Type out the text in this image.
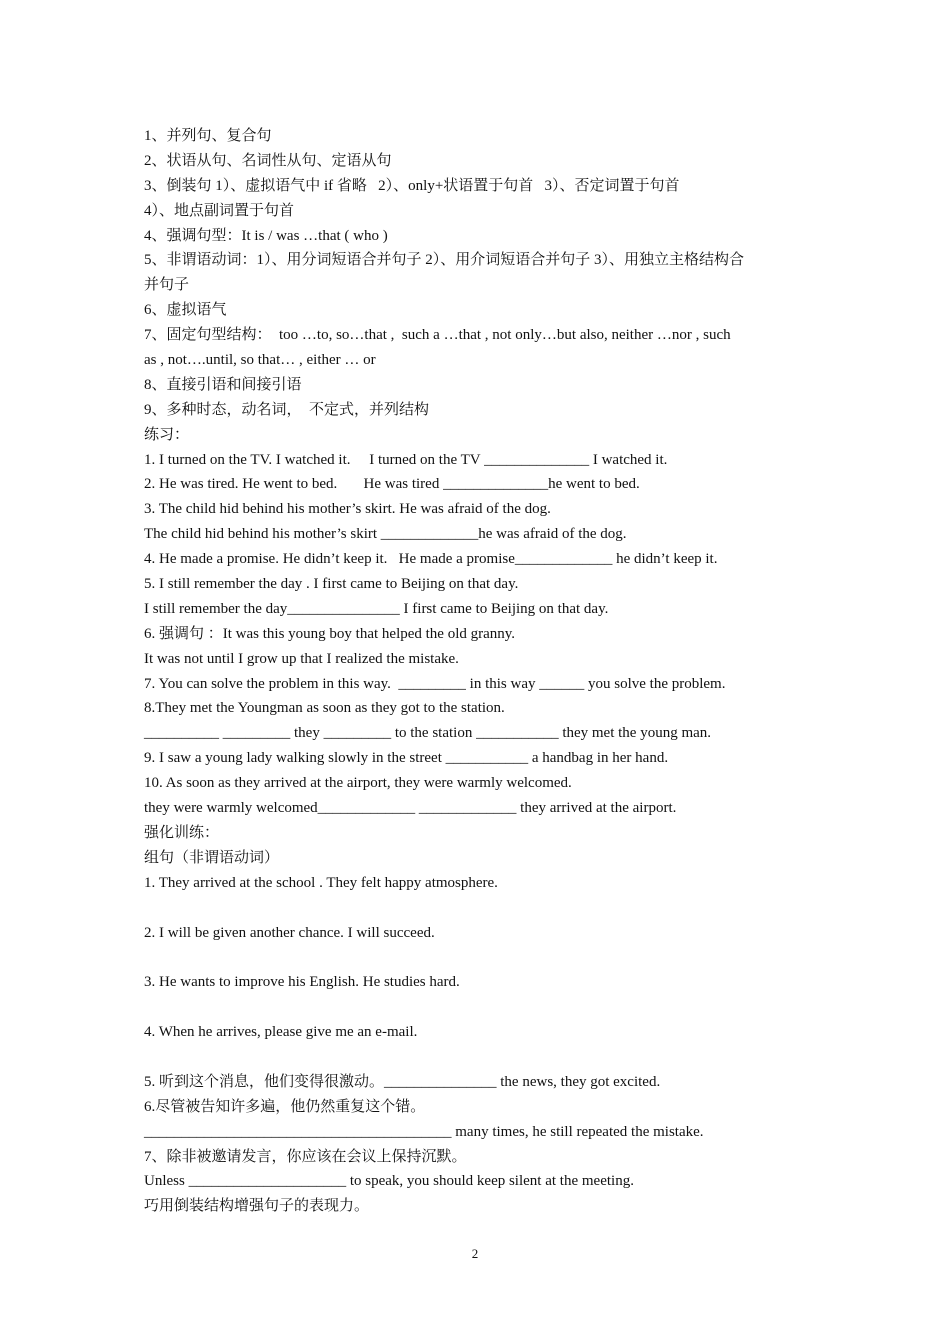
1、并列句、复合句
2、状语从句、名词性从句、定语从句
3、倒装句 1）、虚拟语气中 if 省略   2）、only+状语置于句首   3）、否定词置于句首
4）、地点副词置于句首
4、强调句型：It is / was …that ( who )
5、非谓语动词：1）、用分词短语合并句子 2）、用介词短语合并句子 3）、用独立主格结构合
并句子
6、虚拟语气
7、固定句型结构：  too …to, so…that ,  such a …that , not only…but also, neither …nor , such
as , not….until, so that… , either … or
8、直接引语和间接引语
9、多种时态，动名词，  不定式，并列结构
练习：
1. I turned on the TV. I watched it.     I turned on the TV ______________ I watched it.
2. He was tired. He went to bed.       He was tired ______________he went to bed.
3. The child hid behind his mother’s skirt. He was afraid of the dog.
The child hid behind his mother’s skirt _____________he was afraid of the dog.
4. He made a promise. He didn’t keep it.   He made a promise_____________ he didn’t keep it.
5. I still remember the day . I first came to Beijing on that day.
I still remember the day_______________ I first came to Beijing on that day.
6. 强调句 ：It was this young boy that helped the old granny.
It was not until I grow up that I realized the mistake.
7. You can solve the problem in this way.  _________ in this way ______ you solve the problem.
8.They met the Youngman as soon as they got to the station.
__________ _________ they _________ to the station ___________ they met the young man.
9. I saw a young lady walking slowly in the street ___________ a handbag in her hand.
10. As soon as they arrived at the airport, they were warmly welcomed.
they were warmly welcomed_____________ _____________ they arrived at the airport.
强化训练：
组句（非谓语动词）
1. They arrived at the school . They felt happy atmosphere.
2. I will be given another chance. I will succeed.
3. He wants to improve his English. He studies hard.
4. When he arrives, please give me an e-mail.
5. 听到这个消息，他们变得很激动。_______________ the news, they got excited.
6.尽管被告知许多遍，他仍然重复这个错。
_________________________________________ many times, he still repeated the mistake.
7、除非被邀请发言，你应该在会议上保持沉默。
Unless _____________________ to speak, you should keep silent at the meeting.
巧用倒装结构增强句子的表现力。
2
